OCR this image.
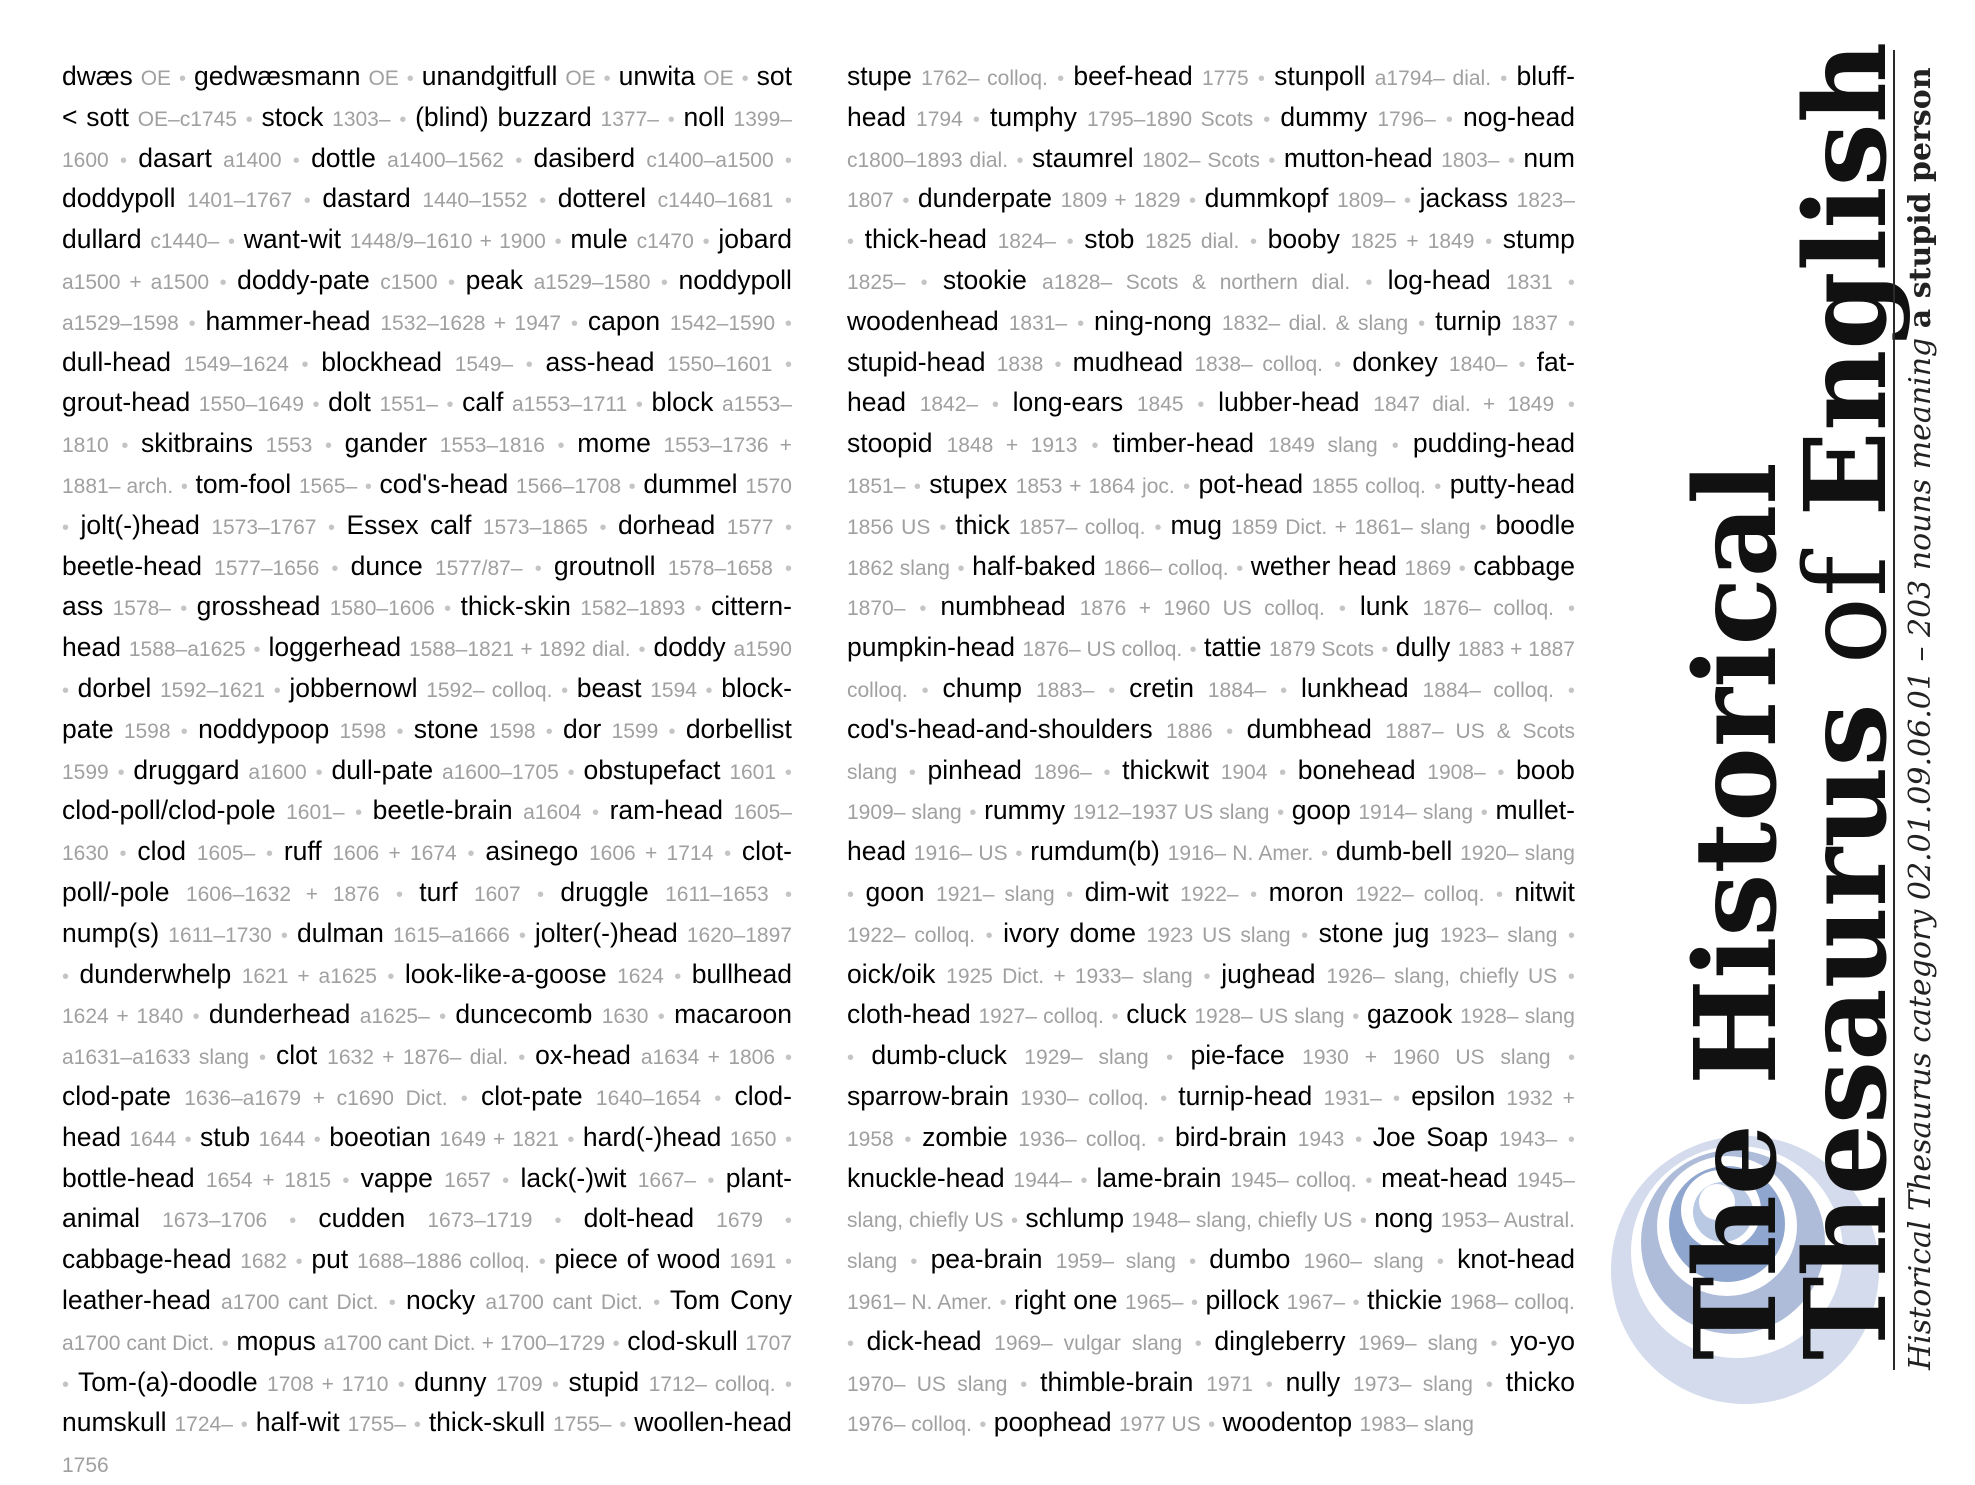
dwæs OE • gedwæsmann OE • unandgitfull OE • unwita OE • sot < sott OE–c1745 • stock 1303– • (blind) buzzard 1377– • noll 1399–1600 • dasart a1400 • dottle a1400–1562 • dasiberd c1400–a1500 • doddypoll 1401–1767 • dastard 1440–1552 • dotterel c1440–1681 • dullard c1440– • want-wit 1448/9–1610 + 1900 • mule c1470 • jobard a1500 + a1500 • doddy-pate c1500 • peak a1529–1580 • noddypoll a1529–1598 • hammer-head 1532–1628 + 1947 • capon 1542–1590 • dull-head 1549–1624 • blockhead 1549– • ass-head 1550–1601 • grout-head 1550–1649 • dolt 1551– • calf a1553–1711 • block a1553–1810 • skitbrains 1553 • gander 1553–1816 • mome 1553–1736 + 1881– arch. • tom-fool 1565– • cod's-head 1566–1708 • dummel 1570 • jolt(-)head 1573–1767 • Essex calf 1573–1865 • dorhead 1577 • beetle-head 1577–1656 • dunce 1577/87– • groutnoll 1578–1658 • ass 1578– • grosshead 1580–1606 • thick-skin 1582–1893 • cittern-head 1588–a1625 • loggerhead 1588–1821 + 1892 dial. • doddy a1590 • dorbel 1592–1621 • jobbernowl 1592– colloq. • beast 1594 • block-pate 1598 • noddypoop 1598 • stone 1598 • dor 1599 • dorbellist 1599 • druggard a1600 • dull-pate a1600–1705 • obstupefact 1601 • clod-poll/clod-pole 1601– • beetle-brain a1604 • ram-head 1605–1630 • clod 1605– • ruff 1606 + 1674 • asinego 1606 + 1714 • clot-poll/-pole 1606–1632 + 1876 • turf 1607 • druggle 1611–1653 • nump(s) 1611–1730 • dulman 1615–a1666 • jolter(-)head 1620–1897 • dunderwhelp 1621 + a1625 • look-like-a-goose 1624 • bullhead 1624 + 1840 • dunderhead a1625– • duncecomb 1630 • macaroon a1631–a1633 slang • clot 1632 + 1876– dial. • ox-head a1634 + 1806 • clod-pate 1636–a1679 + c1690 Dict. • clot-pate 1640–1654 • clod-head 1644 • stub 1644 • boeotian 1649 + 1821 • hard(-)head 1650 • bottle-head 1654 + 1815 • vappe 1657 • lack(-)wit 1667– • plant-animal 1673–1706 • cudden 1673–1719 • dolt-head 1679 • cabbage-head 1682 • put 1688–1886 colloq. • piece of wood 1691 • leather-head a1700 cant Dict. • nocky a1700 cant Dict. • Tom Cony a1700 cant Dict. • mopus a1700 cant Dict. + 1700–1729 • clod-skull 1707 • Tom-(a)-doodle 1708 + 1710 • dunny 1709 • stupid 1712– colloq. • numskull 1724– • half-wit 1755– • thick-skull 1755– • woollen-head 1756
stupe 1762– colloq. • beef-head 1775 • stunpoll a1794– dial. • bluff-head 1794 • tumphy 1795–1890 Scots • dummy 1796– • nog-head c1800–1893 dial. • staumrel 1802– Scots • mutton-head 1803– • num 1807 • dunderpate 1809 + 1829 • dummkopf 1809– • jackass 1823– • thick-head 1824– • stob 1825 dial. • booby 1825 + 1849 • stump 1825– • stookie a1828– Scots & northern dial. • log-head 1831 • woodenhead 1831– • ning-nong 1832– dial. & slang • turnip 1837 • stupid-head 1838 • mudhead 1838– colloq. • donkey 1840– • fat-head 1842– • long-ears 1845 • lubber-head 1847 dial. + 1849 • stoopid 1848 + 1913 • timber-head 1849 slang • pudding-head 1851– • stupex 1853 + 1864 joc. • pot-head 1855 colloq. • putty-head 1856 US • thick 1857– colloq. • mug 1859 Dict. + 1861– slang • boodle 1862 slang • half-baked 1866– colloq. • wether head 1869 • cabbage 1870– • numbhead 1876 + 1960 US colloq. • lunk 1876– colloq. • pumpkin-head 1876– US colloq. • tattie 1879 Scots • dully 1883 + 1887 colloq. • chump 1883– • cretin 1884– • lunkhead 1884– colloq. • cod's-head-and-shoulders 1886 • dumbhead 1887– US & Scots slang • pinhead 1896– • thickwit 1904 • bonehead 1908– • boob 1909– slang • rummy 1912–1937 US slang • goop 1914– slang • mullet-head 1916– US • rumdum(b) 1916– N. Amer. • dumb-bell 1920– slang • goon 1921– slang • dim-wit 1922– • moron 1922– colloq. • nitwit 1922– colloq. • ivory dome 1923 US slang • stone jug 1923– slang • oick/oik 1925 Dict. + 1933– slang • jughead 1926– slang, chiefly US • cloth-head 1927– colloq. • cluck 1928– US slang • gazook 1928– slang • dumb-cluck 1929– slang • pie-face 1930 + 1960 US slang • sparrow-brain 1930– colloq. • turnip-head 1931– • epsilon 1932 + 1958 • zombie 1936– colloq. • bird-brain 1943 • Joe Soap 1943– • knuckle-head 1944– • lame-brain 1945– colloq. • meat-head 1945– slang, chiefly US • schlump 1948– slang, chiefly US • nong 1953– Austral. slang • pea-brain 1959– slang • dumbo 1960– slang • knot-head 1961– N. Amer. • right one 1965– • pillock 1967– • thickie 1968– colloq. • dick-head 1969– vulgar slang • dingleberry 1969– slang • yo-yo 1970– US slang • thimble-brain 1971 • nully 1973– slang • thicko 1976– colloq. • poophead 1977 US • woodentop 1983– slang
The Historical
Thesaurus of English
Historical Thesaurus category 02.01.09.06.01 – 203 nouns meaning a stupid person
